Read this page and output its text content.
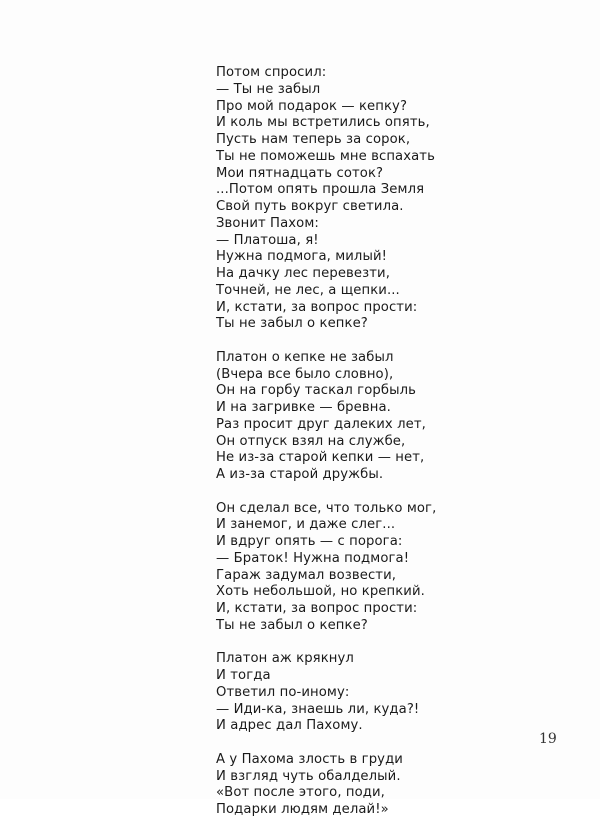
Потом спросил:
— Ты не забыл
Про мой подарок — кепку?
И коль мы встретились опять,
Пусть нам теперь за сорок,
Ты не поможешь мне вспахать
Мои пятнадцать соток?
...Потом опять прошла Земля
Свой путь вокруг светила.
Звонит Пахом:
— Платоша, я!
Нужна подмога, милый!
На дачку лес перевезти,
Точней, не лес, а щепки...
И, кстати, за вопрос прости:
Ты не забыл о кепке?
Платон о кепке не забыл
(Вчера все было словно),
Он на горбу таскал горбыль
И на загривке — бревна.
Раз просит друг далеких лет,
Он отпуск взял на службе,
Не из-за старой кепки — нет,
А из-за старой дружбы.
Он сделал все, что только мог,
И занемог, и даже слег...
И вдруг опять — с порога:
— Браток! Нужна подмога!
Гараж задумал возвести,
Хоть небольшой, но крепкий.
И, кстати, за вопрос прости:
Ты не забыл о кепке?
Платон аж крякнул
И тогда
Ответил по-иному:
— Иди-ка, знаешь ли, куда?!
И адрес дал Пахому.
А у Пахома злость в груди
И взгляд чуть обалделый.
«Вот после этого, поди,
Подарки людям делай!»
19
